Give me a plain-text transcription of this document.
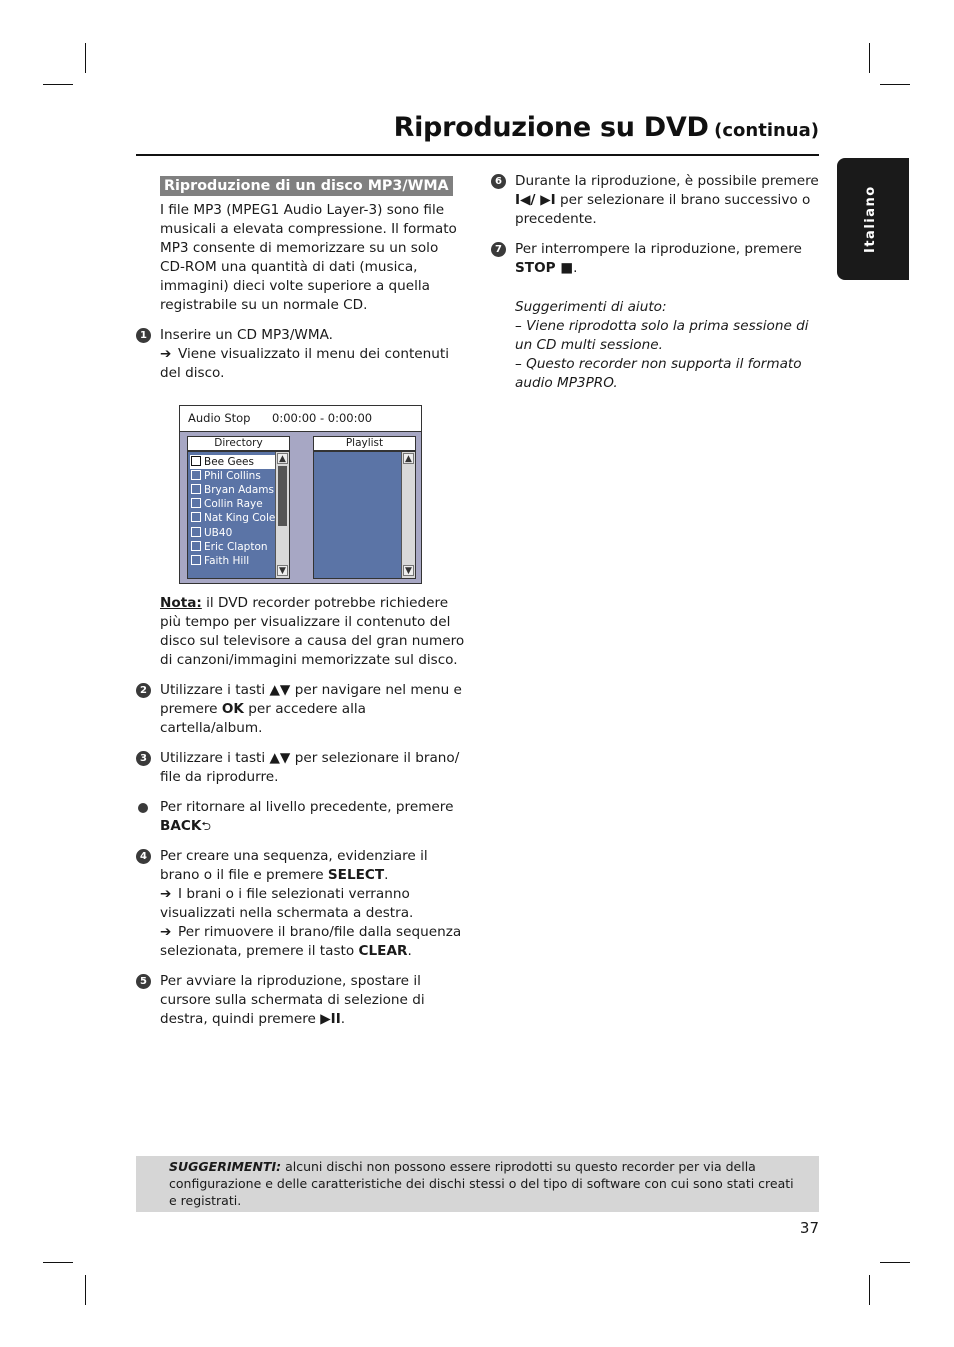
Riproduzione su DVD (continua)
Italiano
Riproduzione di un disco MP3/WMA

I file MP3 (MPEG1 Audio Layer-3) sono file musicali a elevata compressione. Il formato MP3 consente di memorizzare su un solo CD-ROM una quantità di dati (musica, immagini) dieci volte superiore a quella registrabile su un normale CD.

1 Inserire un CD MP3/WMA.

➔ Viene visualizzato il menu dei contenuti del disco.

Nota: il DVD recorder potrebbe richiedere più tempo per visualizzare il contenuto del disco sul televisore a causa del gran numero di canzoni/immagini memorizzate sul disco.

2 Utilizzare i tasti ▲▼ per navigare nel menu e premere OK per accedere alla cartella/album.

3 Utilizzare i tasti ▲▼ per selezionare il brano/ file da riprodurre.

Per ritornare al livello precedente, premere BACK⮌

4 Per creare una sequenza, evidenziare il brano o il file e premere SELECT.

➔ I brani o i file selezionati verranno visualizzati nella schermata a destra.

➔ Per rimuovere il brano/file dalla sequenza selezionata, premere il tasto CLEAR.

5 Per avviare la riproduzione, spostare il cursore sulla schermata di selezione di destra, quindi premere ▶II.

Audio Stop 0:00:00 - 0:00:00
Directory	Playlist
Bee Gees
Phil Collins
Bryan Adams
Collin Raye
Nat King Cole
UB40
Eric Clapton
Faith Hill
▲
▼
▲
▼
6 Durante la riproduzione, è possibile premere I◀/ ▶I per selezionare il brano successivo o precedente.

7 Per interrompere la riproduzione, premere STOP ■.

Suggerimenti di aiuto:

– Viene riprodotta solo la prima sessione di un CD multi sessione.

– Questo recorder non supporta il formato audio MP3PRO.

SUGGERIMENTI: alcuni dischi non possono essere riprodotti su questo recorder per via della configurazione e delle caratteristiche dei dischi stessi o del tipo di software con cui sono stati creati e registrati.

37
